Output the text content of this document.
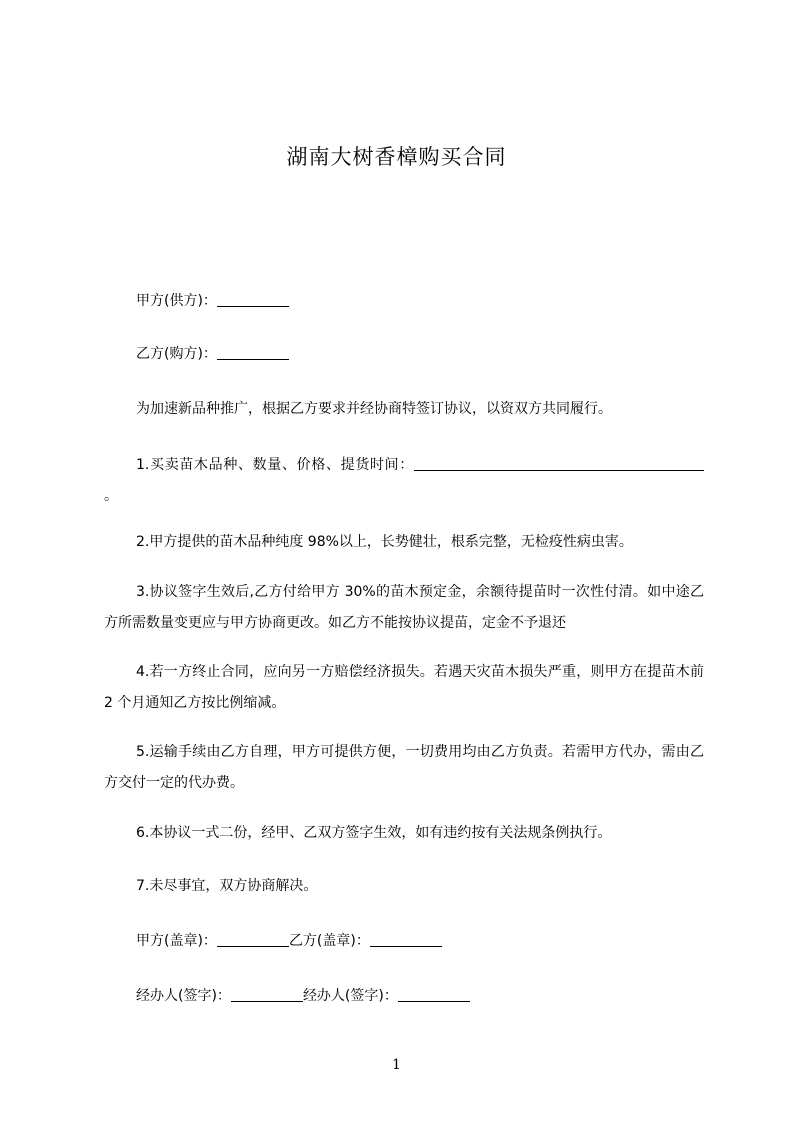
湖南大树香樟购买合同
甲方(供方)：
乙方(购方)：
为加速新品种推广，根据乙方要求并经协商特签订协议，以资双方共同履行。
1.买卖苗木品种、数量、价格、提货时间：。
2.甲方提供的苗木品种纯度 98%以上，长势健壮，根系完整，无检疫性病虫害。
3.协议签字生效后,乙方付给甲方 30%的苗木预定金，余额待提苗时一次性付清。如中途乙方所需数量变更应与甲方协商更改。如乙方不能按协议提苗，定金不予退还
4.若一方终止合同，应向另一方赔偿经济损失。若遇天灾苗木损失严重，则甲方在提苗木前 2 个月通知乙方按比例缩减。
5.运输手续由乙方自理，甲方可提供方便，一切费用均由乙方负责。若需甲方代办，需由乙方交付一定的代办费。
6.本协议一式二份，经甲、乙双方签字生效，如有违约按有关法规条例执行。
7.未尽事宜，双方协商解决。
甲方(盖章)：	乙方(盖章)：
经办人(签字)：	经办人(签字)：
1
